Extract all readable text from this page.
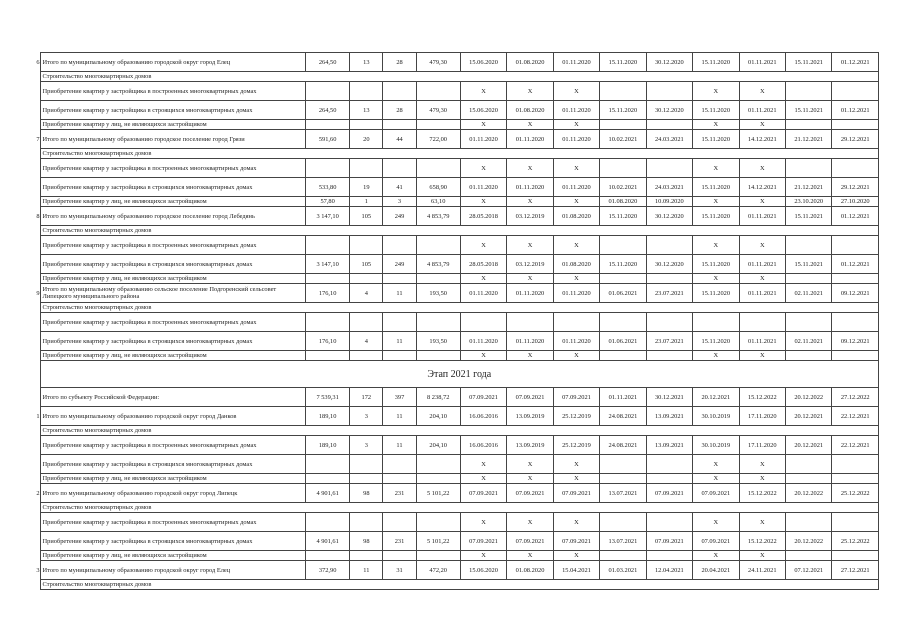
6	Итого по муниципальному образованию городской округ город Елец	264,50	13	28	479,30	15.06.2020	01.08.2020	01.11.2020	15.11.2020	30.12.2020	15.11.2020	01.11.2021	15.11.2021	01.12.2021
	Строительство многоквартирных домов													
	Приобретение квартир у застройщика в построенных многоквартирных домах					X	X	X			X	X		
	Приобретение квартир у застройщика в строящихся многоквартирных домах	264,50	13	28	479,30	15.06.2020	01.08.2020	01.11.2020	15.11.2020	30.12.2020	15.11.2020	01.11.2021	15.11.2021	01.12.2021
	Приобретение квартир у лиц, не являющихся застройщиком					X	X	X			X	X		
7	Итого по муниципальному образованию городское поселение город Грязи	591,60	20	44	722,00	01.11.2020	01.11.2020	01.11.2020	10.02.2021	24.03.2021	15.11.2020	14.12.2021	21.12.2021	29.12.2021
	Строительство многоквартирных домов													
	Приобретение квартир у застройщика в построенных многоквартирных домах					X	X	X			X	X		
	Приобретение квартир у застройщика в строящихся многоквартирных домах	533,80	19	41	658,90	01.11.2020	01.11.2020	01.11.2020	10.02.2021	24.03.2021	15.11.2020	14.12.2021	21.12.2021	29.12.2021
	Приобретение квартир у лиц, не являющихся застройщиком	57,80	1	3	63,10	X	X	X	01.08.2020	10.09.2020	X	X	23.10.2020	27.10.2020
8	Итого по муниципальному образованию городское поселение город Лебедянь	3 147,10	105	249	4 853,79	28.05.2018	03.12.2019	01.08.2020	15.11.2020	30.12.2020	15.11.2020	01.11.2021	15.11.2021	01.12.2021
	Строительство многоквартирных домов													
	Приобретение квартир у застройщика в построенных многоквартирных домах					X	X	X			X	X		
	Приобретение квартир у застройщика в строящихся многоквартирных домах	3 147,10	105	249	4 853,79	28.05.2018	03.12.2019	01.08.2020	15.11.2020	30.12.2020	15.11.2020	01.11.2021	15.11.2021	01.12.2021
	Приобретение квартир у лиц, не являющихся застройщиком					X	X	X			X	X		
9	Итого по муниципальному образованию сельское поселение Подгоренский сельсовет Липецкого муниципального района	176,10	4	11	193,50	01.11.2020	01.11.2020	01.11.2020	01.06.2021	23.07.2021	15.11.2020	01.11.2021	02.11.2021	09.12.2021
	Строительство многоквартирных домов													
	Приобретение квартир у застройщика в построенных многоквартирных домах													
	Приобретение квартир у застройщика в строящихся многоквартирных домах	176,10	4	11	193,50	01.11.2020	01.11.2020	01.11.2020	01.06.2021	23.07.2021	15.11.2020	01.11.2021	02.11.2021	09.12.2021
	Приобретение квартир у лиц, не являющихся застройщиком					X	X	X			X	X		
	Этап 2021 года													
	Итого по субъекту Российской Федерации:	7 539,31	172	397	8 238,72	07.09.2021	07.09.2021	07.09.2021	01.11.2021	30.12.2021	20.12.2021	15.12.2022	20.12.2022	27.12.2022
1	Итого по муниципальному образованию городской округ город Данков	189,10	3	11	204,10	16.06.2016	13.09.2019	25.12.2019	24.08.2021	13.09.2021	30.10.2019	17.11.2020	20.12.2021	22.12.2021
	Строительство многоквартирных домов													
	Приобретение квартир у застройщика в построенных многоквартирных домах	189,10	3	11	204,10	16.06.2016	13.09.2019	25.12.2019	24.08.2021	13.09.2021	30.10.2019	17.11.2020	20.12.2021	22.12.2021
	Приобретение квартир у застройщика в строящихся многоквартирных домах					X	X	X			X	X		
	Приобретение квартир у лиц, не являющихся застройщиком					X	X	X			X	X		
2	Итого по муниципальному образованию городской округ город Липецк	4 901,61	98	231	5 101,22	07.09.2021	07.09.2021	07.09.2021	13.07.2021	07.09.2021	07.09.2021	15.12.2022	20.12.2022	25.12.2022
	Строительство многоквартирных домов													
	Приобретение квартир у застройщика в построенных многоквартирных домах					X	X	X			X	X		
	Приобретение квартир у застройщика в строящихся многоквартирных домах	4 901,61	98	231	5 101,22	07.09.2021	07.09.2021	07.09.2021	13.07.2021	07.09.2021	07.09.2021	15.12.2022	20.12.2022	25.12.2022
	Приобретение квартир у лиц, не являющихся застройщиком					X	X	X			X	X		
3	Итого по муниципальному образованию городской округ город Елец	372,90	11	31	472,20	15.06.2020	01.08.2020	15.04.2021	01.03.2021	12.04.2021	20.04.2021	24.11.2021	07.12.2021	27.12.2021
	Строительство многоквартирных домов													
